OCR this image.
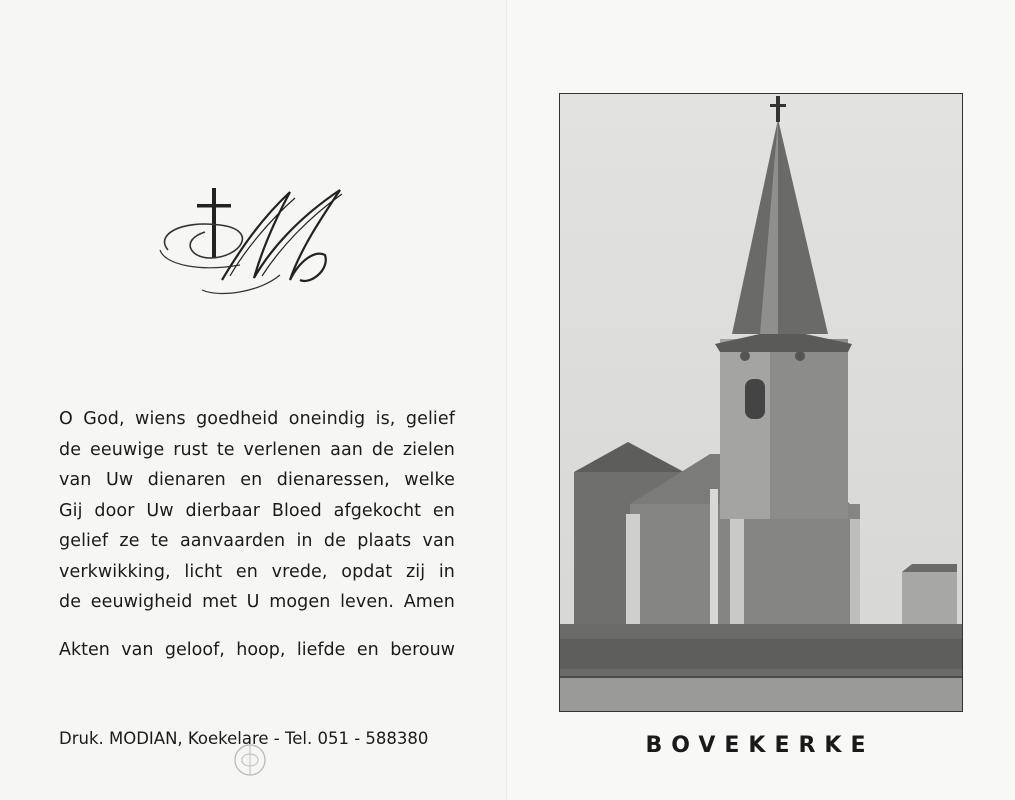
O God, wiens goedheid oneindig is, gelief
de eeuwige rust te verlenen aan de zielen
van Uw dienaren en dienaressen, welke
Gij door Uw dierbaar Bloed afgekocht en
gelief ze te aanvaarden in de plaats van
verkwikking, licht en vrede, opdat zij in
de eeuwigheid met U mogen leven. Amen
Akten van geloof, hoop, liefde en berouw
Druk. MODIAN, Koekelare - Tel. 051 - 588380	BOVEKERKE
